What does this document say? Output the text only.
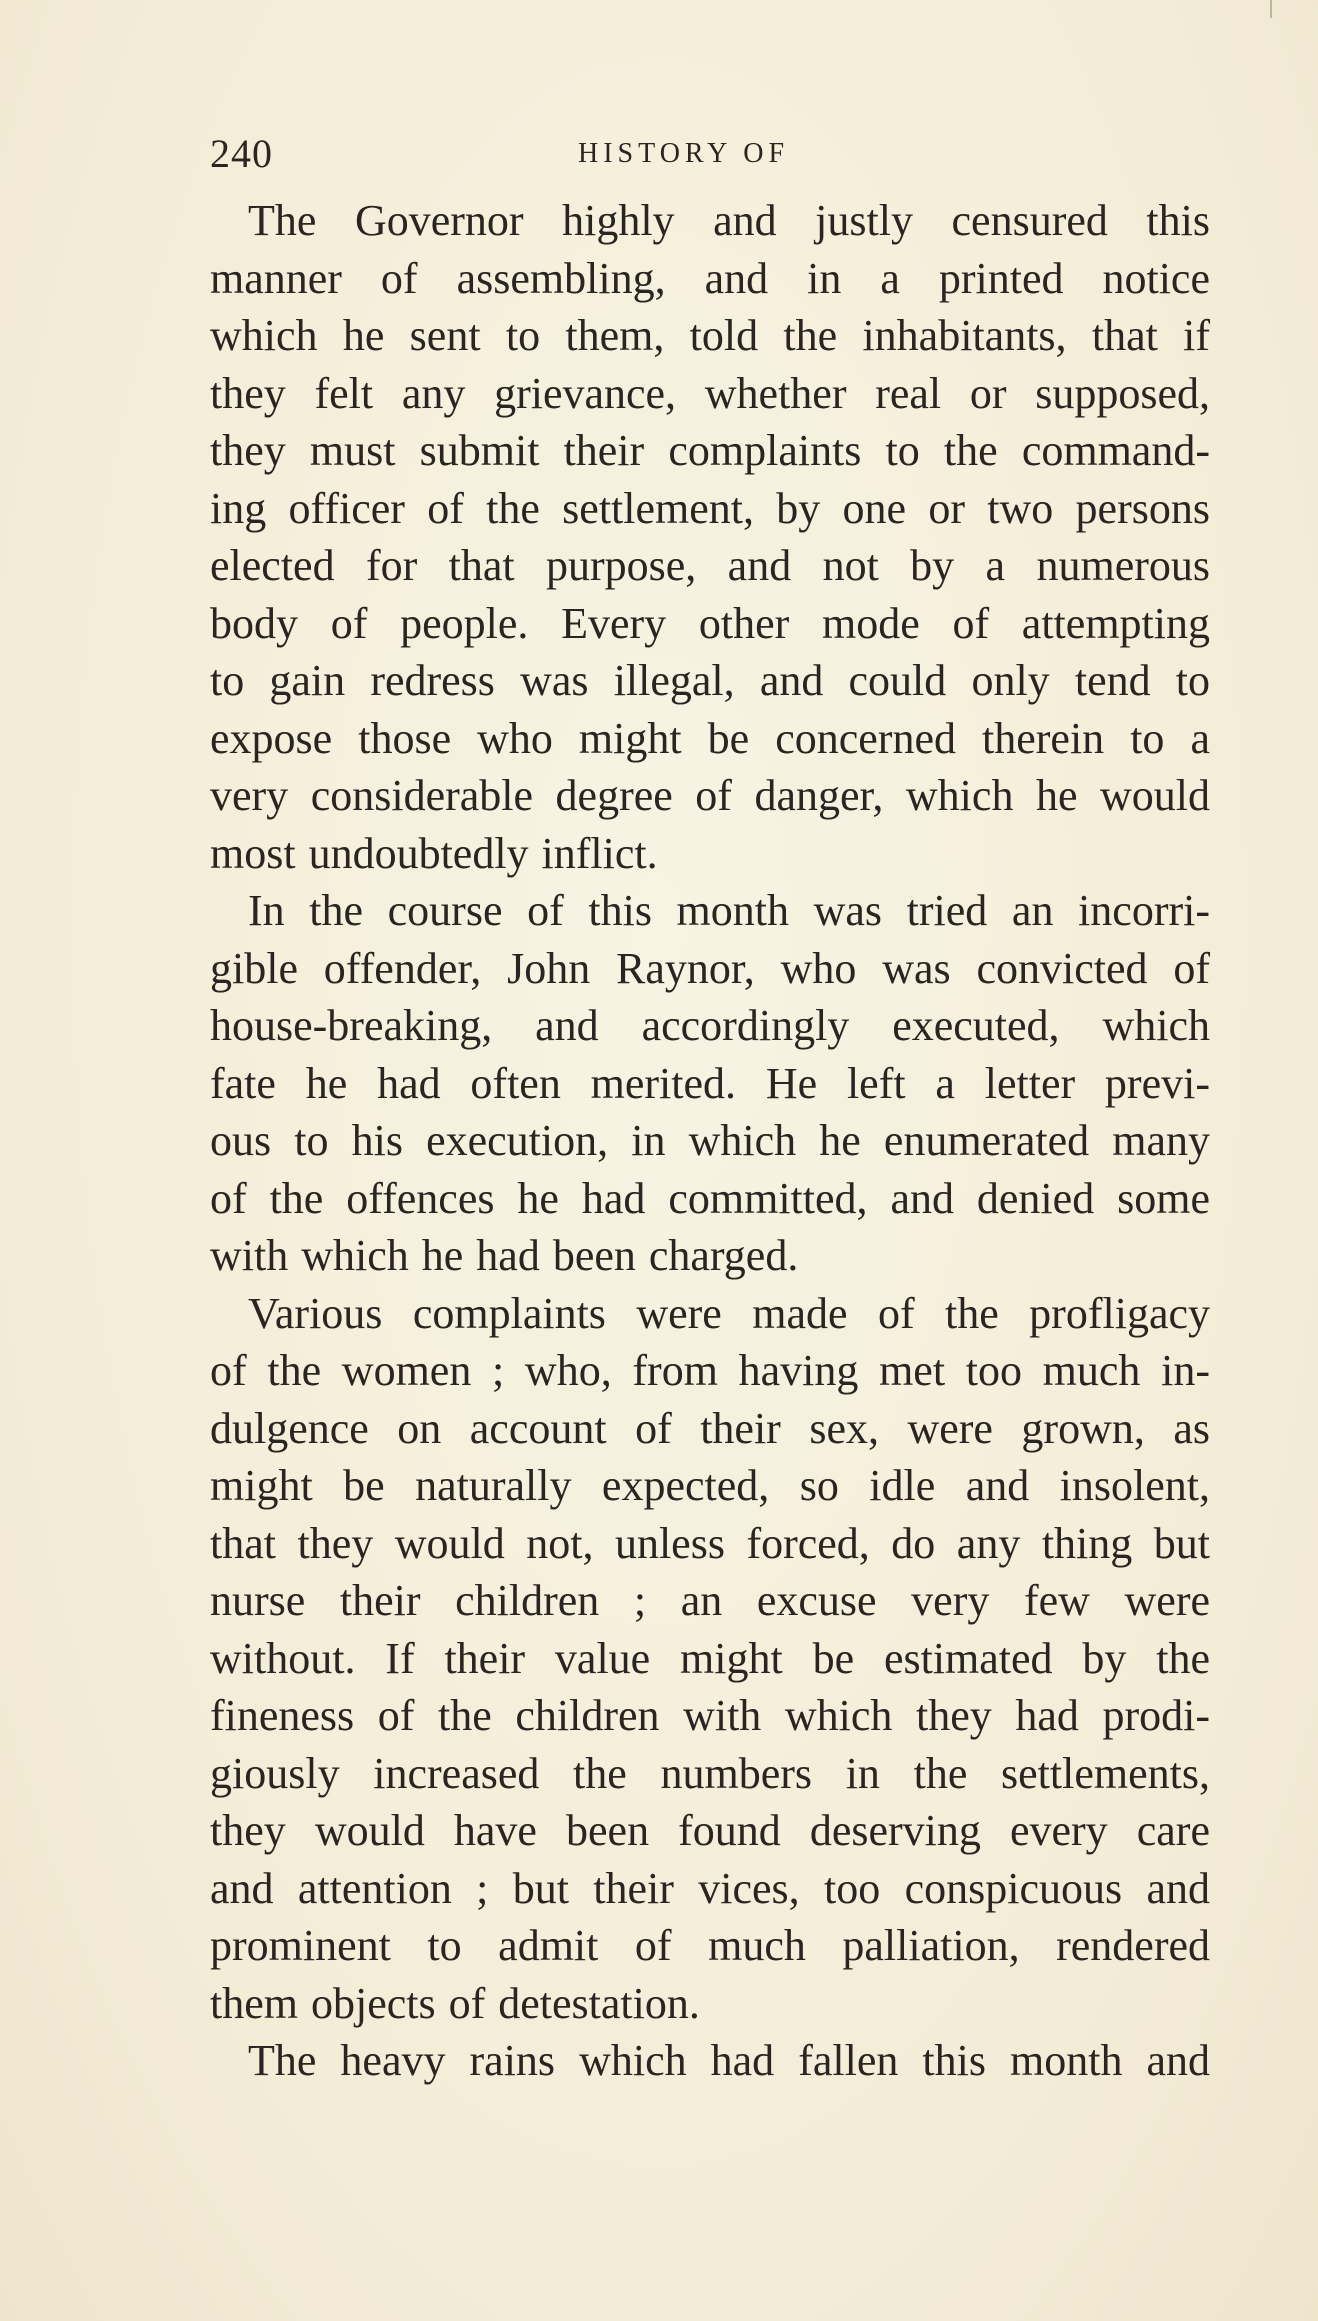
240	HISTORY OF
The Governor highly and justly censured this
manner of assembling, and in a printed notice
which he sent to them, told the inhabitants, that if
they felt any grievance, whether real or supposed,
they must submit their complaints to the command-
ing officer of the settlement, by one or two persons
elected for that purpose, and not by a numerous
body of people. Every other mode of attempting
to gain redress was illegal, and could only tend to
expose those who might be concerned therein to a
very considerable degree of danger, which he would
most undoubtedly inflict.
In the course of this month was tried an incorri-
gible offender, John Raynor, who was convicted of
house-breaking, and accordingly executed, which
fate he had often merited. He left a letter previ-
ous to his execution, in which he enumerated many
of the offences he had committed, and denied some
with which he had been charged.
Various complaints were made of the profligacy
of the women ; who, from having met too much in-
dulgence on account of their sex, were grown, as
might be naturally expected, so idle and insolent,
that they would not, unless forced, do any thing but
nurse their children ; an excuse very few were
without. If their value might be estimated by the
fineness of the children with which they had prodi-
giously increased the numbers in the settlements,
they would have been found deserving every care
and attention ; but their vices, too conspicuous and
prominent to admit of much palliation, rendered
them objects of detestation.
The heavy rains which had fallen this month and
